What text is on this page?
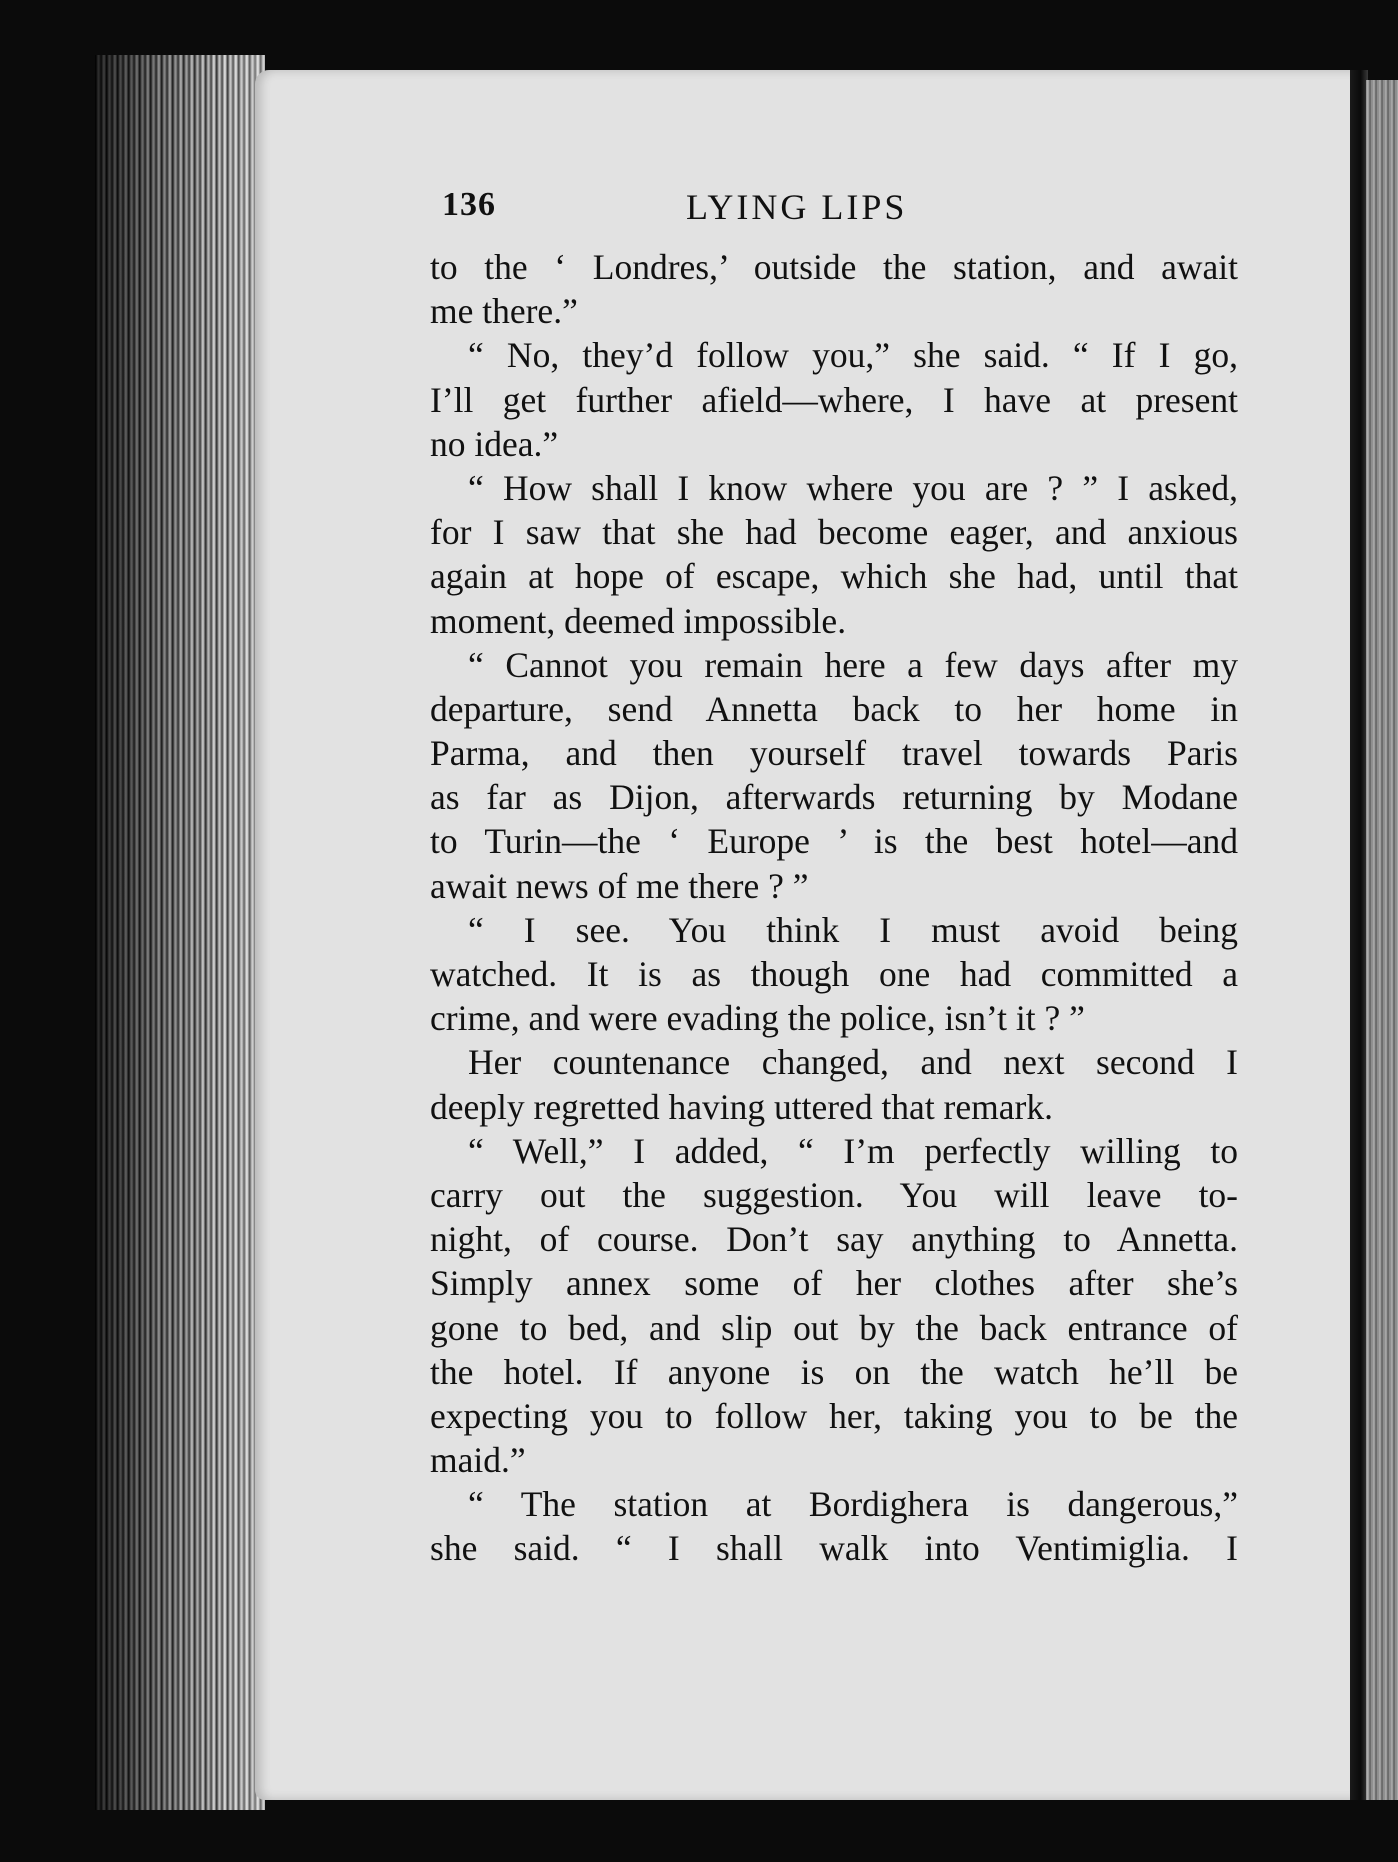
136	LYING LIPS
to the ‘ Londres,’ outside the station, and await
me there.”
“ No, they’d follow you,” she said. “ If I go,
I’ll get further afield—where, I have at present
no idea.”
“ How shall I know where you are ? ” I asked,
for I saw that she had become eager, and anxious
again at hope of escape, which she had, until that
moment, deemed impossible.
“ Cannot you remain here a few days after my
departure, send Annetta back to her home in
Parma, and then yourself travel towards Paris
as far as Dijon, afterwards returning by Modane
to Turin—the ‘ Europe ’ is the best hotel—and
await news of me there ? ”
“ I see. You think I must avoid being
watched. It is as though one had committed a
crime, and were evading the police, isn’t it ? ”
Her countenance changed, and next second I
deeply regretted having uttered that remark.
“ Well,” I added, “ I’m perfectly willing to
carry out the suggestion. You will leave to-
night, of course. Don’t say anything to Annetta.
Simply annex some of her clothes after she’s
gone to bed, and slip out by the back entrance of
the hotel. If anyone is on the watch he’ll be
expecting you to follow her, taking you to be the
maid.”
“ The station at Bordighera is dangerous,”
she said. “ I shall walk into Ventimiglia. I
